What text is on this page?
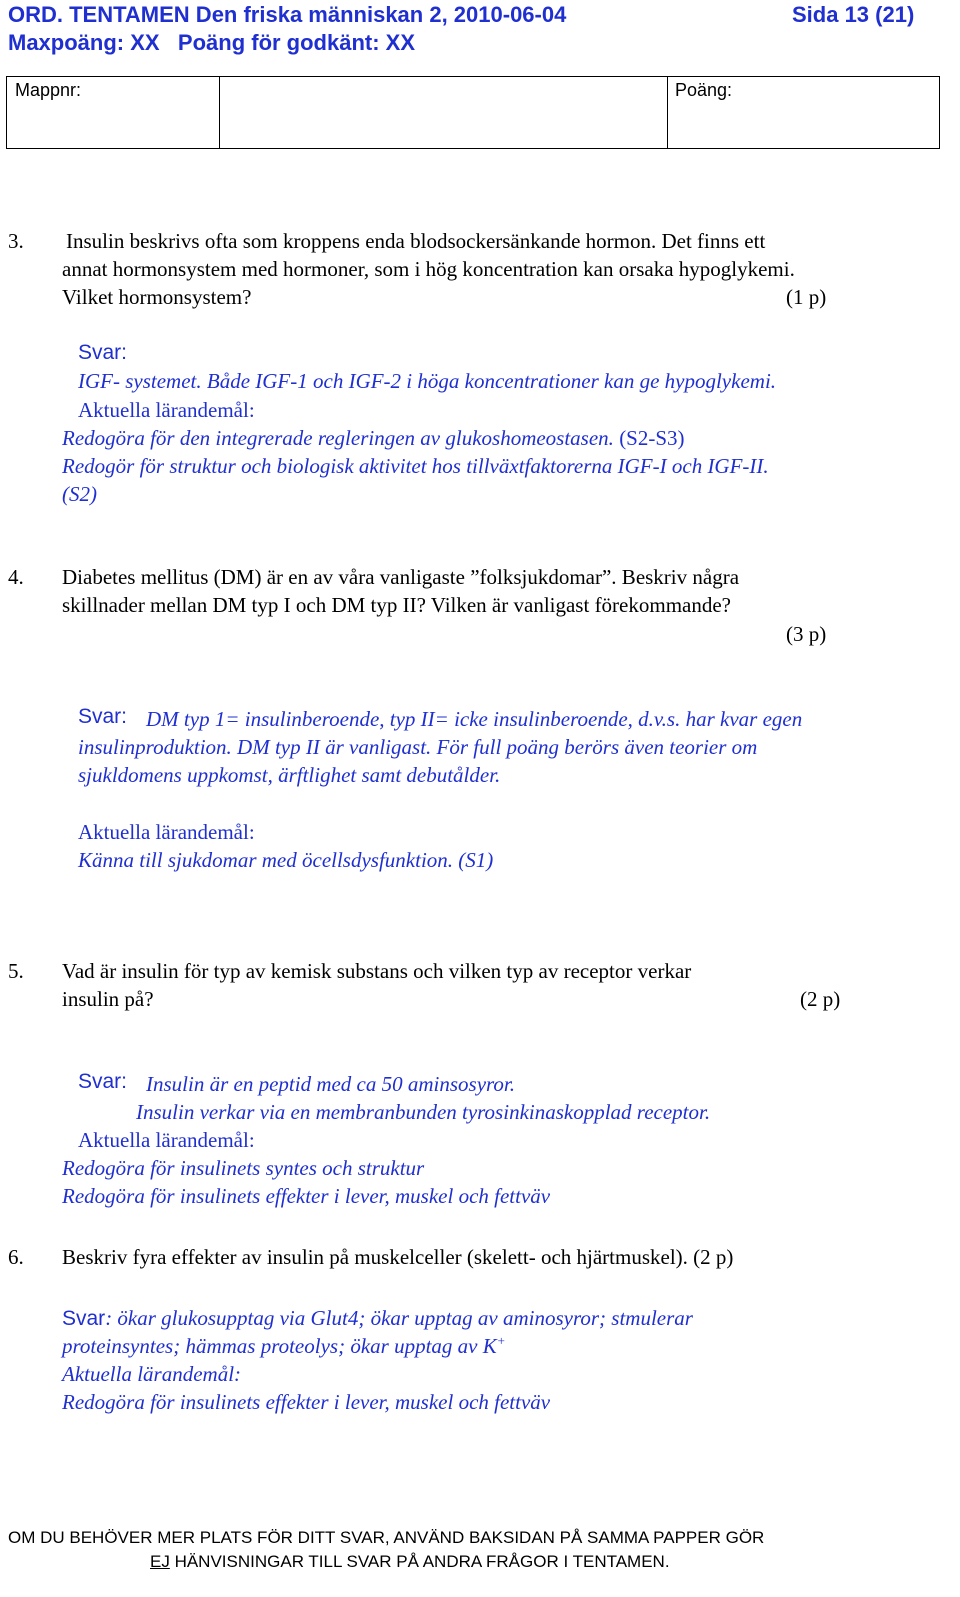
ORD. TENTAMEN Den friska människan 2, 2010-06-04	Sida 13 (21)
Maxpoäng: XX   Poäng för godkänt: XX
Mappnr:	Poäng:
3. Insulin beskrivs ofta som kroppens enda blodsockersänkande hormon. Det finns ett
annat hormonsystem med hormoner, som i hög koncentration kan orsaka hypoglykemi.
Vilket hormonsystem?	(1 p)
Svar:
IGF- systemet. Både IGF-1 och IGF-2 i höga koncentrationer kan ge hypoglykemi.
Aktuella lärandemål:
Redogöra för den integrerade regleringen av glukoshomeostasen. (S2-S3)
Redogör för struktur och biologisk aktivitet hos tillväxtfaktorerna IGF-I och IGF-II.
(S2)
4. Diabetes mellitus (DM) är en av våra vanligaste ”folksjukdomar”. Beskriv några
skillnader mellan DM typ I och DM typ II? Vilken är vanligast förekommande?
(3 p)
Svar: DM typ 1= insulinberoende, typ II= icke insulinberoende, d.v.s. har kvar egen
insulinproduktion. DM typ II är vanligast. För full poäng berörs även teorier om
sjukldomens uppkomst, ärftlighet samt debutålder.
Aktuella lärandemål:
Känna till sjukdomar med öcellsdysfunktion. (S1)
5. Vad är insulin för typ av kemisk substans och vilken typ av receptor verkar
insulin på?	(2 p)
Svar: Insulin är en peptid med ca 50 aminsosyror.
Insulin verkar via en membranbunden tyrosinkinaskopplad receptor.
Aktuella lärandemål:
Redogöra för insulinets syntes och struktur
Redogöra för insulinets effekter i lever, muskel och fettväv
6. Beskriv fyra effekter av insulin på muskelceller (skelett- och hjärtmuskel). (2 p)
Svar: ökar glukosupptag via Glut4; ökar upptag av aminosyror; stmulerar
proteinsyntes; hämmas proteolys; ökar upptag av K+
Aktuella lärandemål:
Redogöra för insulinets effekter i lever, muskel och fettväv
OM DU BEHÖVER MER PLATS FÖR DITT SVAR, ANVÄND BAKSIDAN PÅ SAMMA PAPPER GÖR
EJ HÄNVISNINGAR TILL SVAR PÅ ANDRA FRÅGOR I TENTAMEN.
